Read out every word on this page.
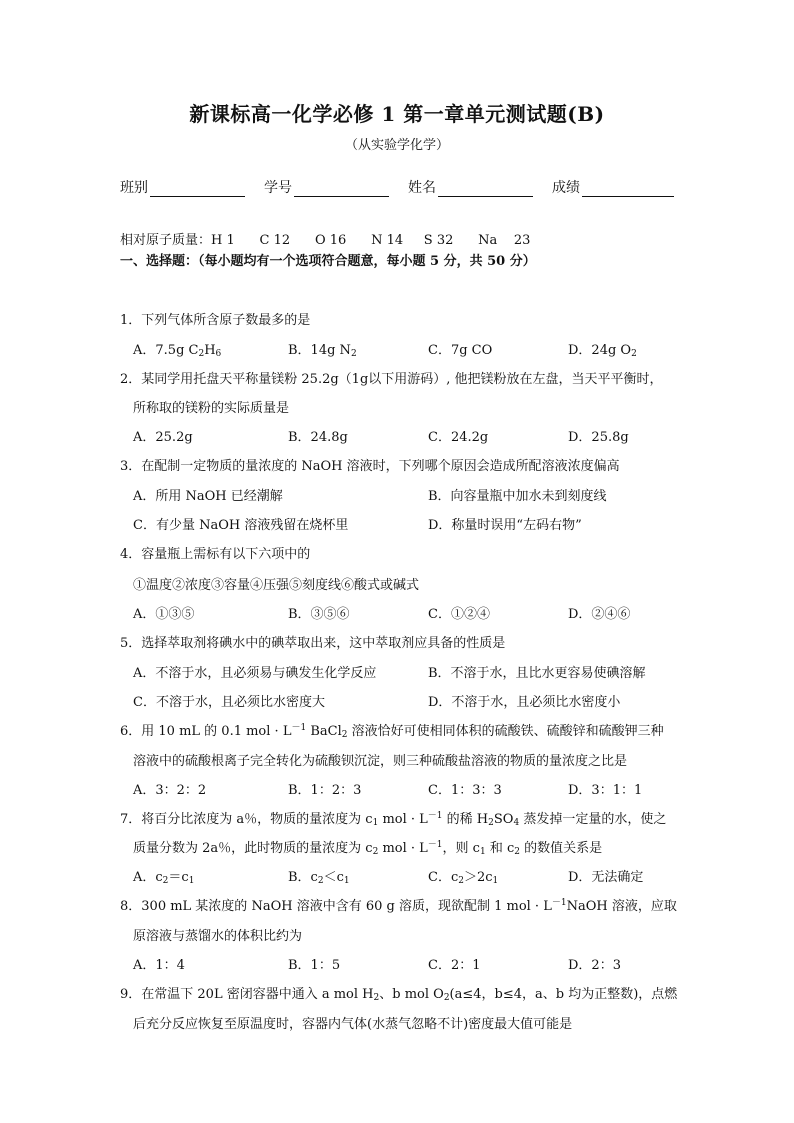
新课标高一化学必修 1 第一章单元测试题(B)
（从实验学化学）
班别	学号	姓名	成绩
相对原子质量：H 1      C 12      O 16      N 14     S 32      Na    23
一、选择题：（每小题均有一个选项符合题意，每小题 5 分，共 50 分）
1．下列气体所含原子数最多的是
A．7.5g $C_2H_6$	B．14g $N_2$	C．7g CO	D．24g $O_2$
2．某同学用托盘天平称量镁粉 25.2g（1g以下用游码）, 他把镁粉放在左盘，当天平平衡时，
所称取的镁粉的实际质量是
A．25.2g	B．24.8g	C．24.2g	D．25.8g
3．在配制一定物质的量浓度的 NaOH 溶液时，下列哪个原因会造成所配溶液浓度偏高
A．所用 NaOH 已经潮解	B．向容量瓶中加水未到刻度线
C．有少量 NaOH 溶液残留在烧杯里	D．称量时误用“左码右物”
4．容量瓶上需标有以下六项中的
①温度②浓度③容量④压强⑤刻度线⑥酸式或碱式
A．①③⑤	B．③⑤⑥	C．①②④	D．②④⑥
5．选择萃取剂将碘水中的碘萃取出来，这中萃取剂应具备的性质是
A．不溶于水，且必须易与碘发生化学反应	B．不溶于水，且比水更容易使碘溶解
C．不溶于水，且必须比水密度大	D．不溶于水，且必须比水密度小
6．用 10 mL 的 0.1 mol · $L^{-1}$ BaCl$_2$ 溶液恰好可使相同体积的硫酸铁、硫酸锌和硫酸钾三种
溶液中的硫酸根离子完全转化为硫酸钡沉淀，则三种硫酸盐溶液的物质的量浓度之比是
A．3：2：2	B．1：2：3	C．1：3：3	D．3：1：1
7．将百分比浓度为 a％，物质的量浓度为 $c_1$ mol · $L^{-1}$ 的稀 $H_2SO_4$ 蒸发掉一定量的水，使之
质量分数为 2a％，此时物质的量浓度为 $c_2$ mol · $L^{-1}$，则 $c_1$ 和 $c_2$ 的数值关系是
A．$c_2=c_1$	B．$c_2<c_1$	C．$c_2>2c_1$	D．无法确定
8．300 mL 某浓度的 NaOH 溶液中含有 60 g 溶质，现欲配制 1 mol · $L^{-1}NaOH$ 溶液，应取
原溶液与蒸馏水的体积比约为
A．1：4	B．1：5	C．2：1	D．2：3
9．在常温下 20L 密闭容器中通入 a mol $H_2$、b mol $O_2(a\le 4$，b≤4，a、b 均为正整数)，点燃
后充分反应恢复至原温度时，容器内气体(水蒸气忽略不计)密度最大值可能是
